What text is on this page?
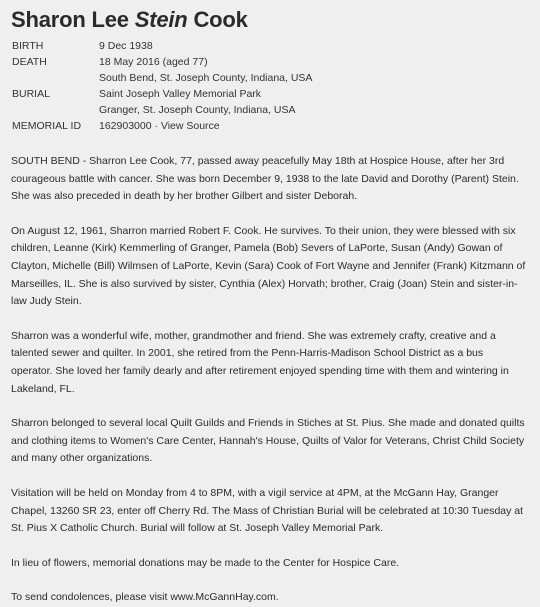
Sharon Lee Stein Cook
BIRTH	9 Dec 1938
DEATH	18 May 2016 (aged 77)
	South Bend, St. Joseph County, Indiana, USA
BURIAL	Saint Joseph Valley Memorial Park
	Granger, St. Joseph County, Indiana, USA
MEMORIAL ID	162903000 · View Source

SOUTH BEND - Sharron Lee Cook, 77, passed away peacefully May 18th at Hospice House, after her 3rd courageous battle with cancer. She was born December 9, 1938 to the late David and Dorothy (Parent) Stein. She was also preceded in death by her brother Gilbert and sister Deborah.

On August 12, 1961, Sharron married Robert F. Cook. He survives. To their union, they were blessed with six children, Leanne (Kirk) Kemmerling of Granger, Pamela (Bob) Severs of LaPorte, Susan (Andy) Gowan of Clayton, Michelle (Bill) Wilmsen of LaPorte, Kevin (Sara) Cook of Fort Wayne and Jennifer (Frank) Kitzmann of Marseilles, IL. She is also survived by sister, Cynthia (Alex) Horvath; brother, Craig (Joan) Stein and sister-in-law Judy Stein.

Sharron was a wonderful wife, mother, grandmother and friend. She was extremely crafty, creative and a talented sewer and quilter. In 2001, she retired from the Penn-Harris-Madison School District as a bus operator. She loved her family dearly and after retirement enjoyed spending time with them and wintering in Lakeland, FL.

Sharron belonged to several local Quilt Guilds and Friends in Stiches at St. Pius. She made and donated quilts and clothing items to Women's Care Center, Hannah's House, Quilts of Valor for Veterans, Christ Child Society and many other organizations.

Visitation will be held on Monday from 4 to 8PM, with a vigil service at 4PM, at the McGann Hay, Granger Chapel, 13260 SR 23, enter off Cherry Rd. The Mass of Christian Burial will be celebrated at 10:30 Tuesday at St. Pius X Catholic Church. Burial will follow at St. Joseph Valley Memorial Park.

In lieu of flowers, memorial donations may be made to the Center for Hospice Care.

To send condolences, please visit www.McGannHay.com.
